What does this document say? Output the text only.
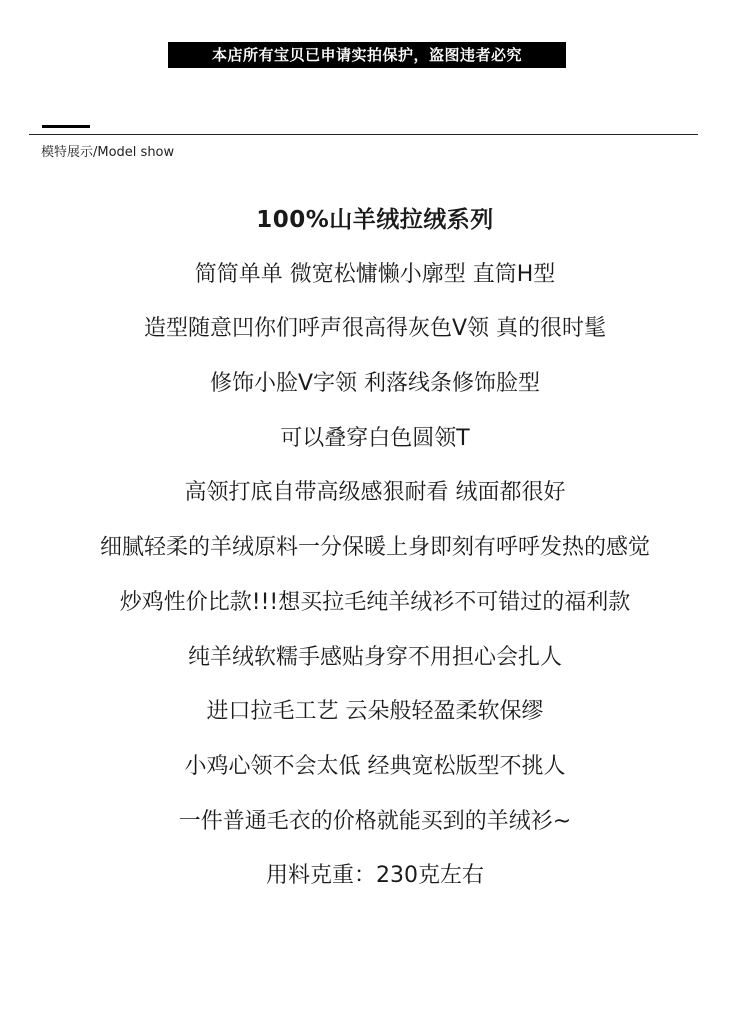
本店所有宝贝已申请实拍保护，盗图违者必究
模特展示/Model show
100%山羊绒拉绒系列
简简单单 微宽松慵懒小廓型 直筒H型
造型随意凹你们呼声很高得灰色V领 真的很时髦
修饰小脸V字领 利落线条修饰脸型
可以叠穿白色圆领T
高领打底自带高级感狠耐看 绒面都很好
细腻轻柔的羊绒原料一分保暖上身即刻有呼呼发热的感觉
炒鸡性价比款!!!想买拉毛纯羊绒衫不可错过的福利款
纯羊绒软糯手感贴身穿不用担心会扎人
进口拉毛工艺 云朵般轻盈柔软保缪
小鸡心领不会太低 经典宽松版型不挑人
一件普通毛衣的价格就能买到的羊绒衫~
用料克重：230克左右
